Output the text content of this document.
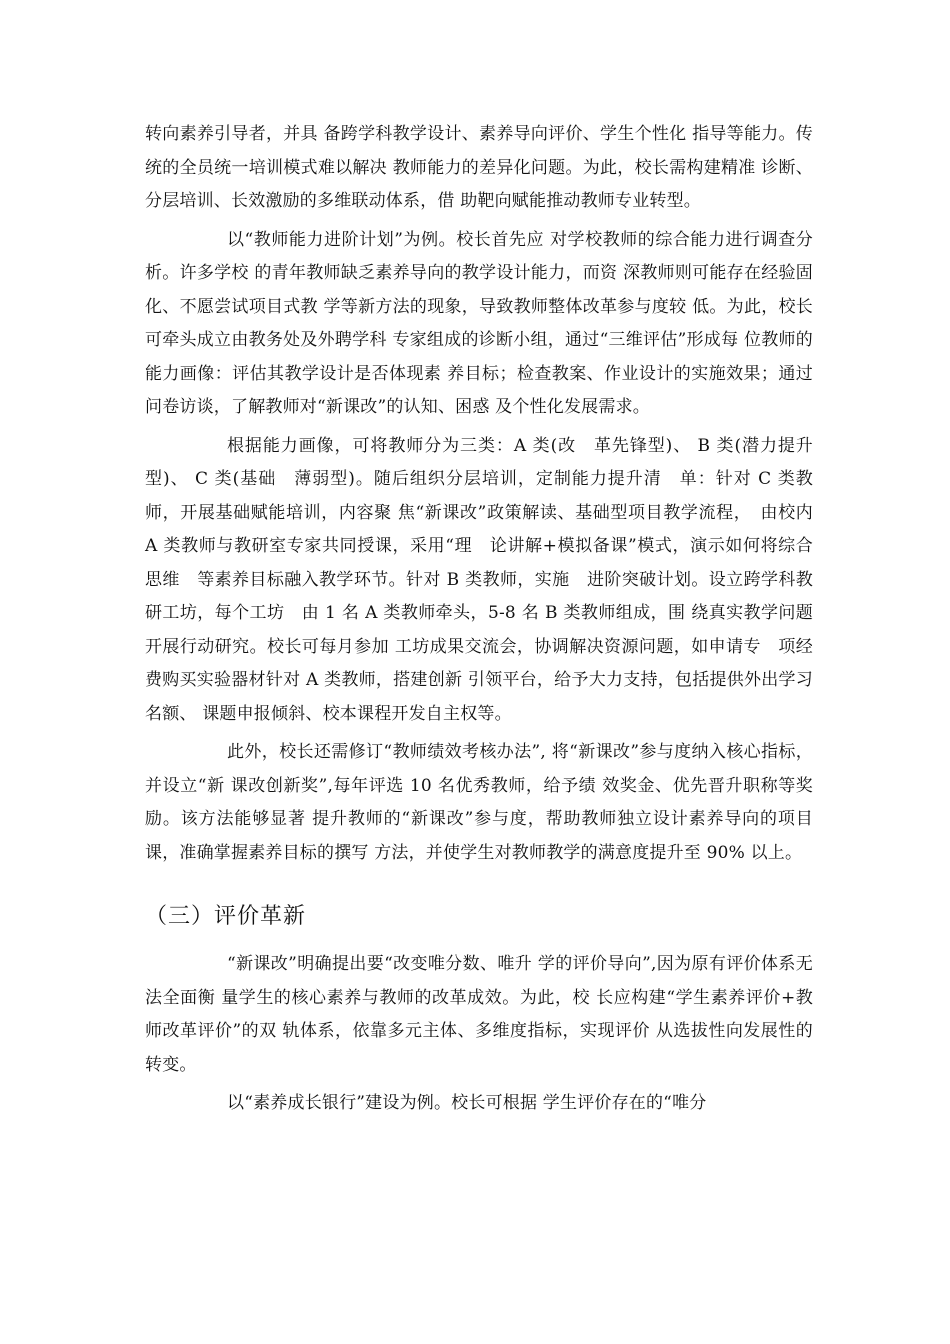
转向素养引导者，并具 备跨学科教学设计、素养导向评价、学生个性化 指导等能力。传统的全员统一培训模式难以解决 教师能力的差异化问题。为此，校长需构建精准 诊断、分层培训、长效激励的多维联动体系，借 助靶向赋能推动教师专业转型。

以“教师能力进阶计划”为例。校长首先应 对学校教师的综合能力进行调查分析。许多学校 的青年教师缺乏素养导向的教学设计能力，而资 深教师则可能存在经验固化、不愿尝试项目式教 学等新方法的现象，导致教师整体改革参与度较 低。为此，校长可牵头成立由教务处及外聘学科 专家组成的诊断小组，通过“三维评估”形成每 位教师的能力画像：评估其教学设计是否体现素 养目标；检查教案、作业设计的实施效果；通过 问卷访谈，了解教师对“新课改”的认知、困惑 及个性化发展需求。

根据能力画像，可将教师分为三类：A 类(改　革先锋型)、 B 类(潜力提升型)、 C 类(基础　薄弱型)。随后组织分层培训，定制能力提升清　单：针对 C 类教师，开展基础赋能培训，内容聚 焦“新课改”政策解读、基础型项目教学流程，　由校内 A 类教师与教研室专家共同授课，采用“理　论讲解+模拟备课”模式，演示如何将综合思维　等素养目标融入教学环节。针对 B 类教师，实施　进阶突破计划。设立跨学科教研工坊，每个工坊　由 1 名 A 类教师牵头，5-8 名 B 类教师组成，围 绕真实教学问题开展行动研究。校长可每月参加 工坊成果交流会，协调解决资源问题，如申请专　项经费购买实验器材针对 A 类教师，搭建创新 引领平台，给予大力支持，包括提供外出学习名额、 课题申报倾斜、校本课程开发自主权等。

此外，校长还需修订“教师绩效考核办法”, 将“新课改”参与度纳入核心指标，并设立“新 课改创新奖”,每年评选 10 名优秀教师，给予绩 效奖金、优先晋升职称等奖励。该方法能够显著 提升教师的“新课改”参与度，帮助教师独立设计素养导向的项目课，准确掌握素养目标的撰写 方法，并使学生对教师教学的满意度提升至 90% 以上。

（三）评价革新

“新课改”明确提出要“改变唯分数、唯升 学的评价导向”,因为原有评价体系无法全面衡 量学生的核心素养与教师的改革成效。为此，校 长应构建“学生素养评价+教师改革评价”的双 轨体系，依靠多元主体、多维度指标，实现评价 从选拔性向发展性的转变。

以“素养成长银行”建设为例。校长可根据 学生评价存在的“唯分
